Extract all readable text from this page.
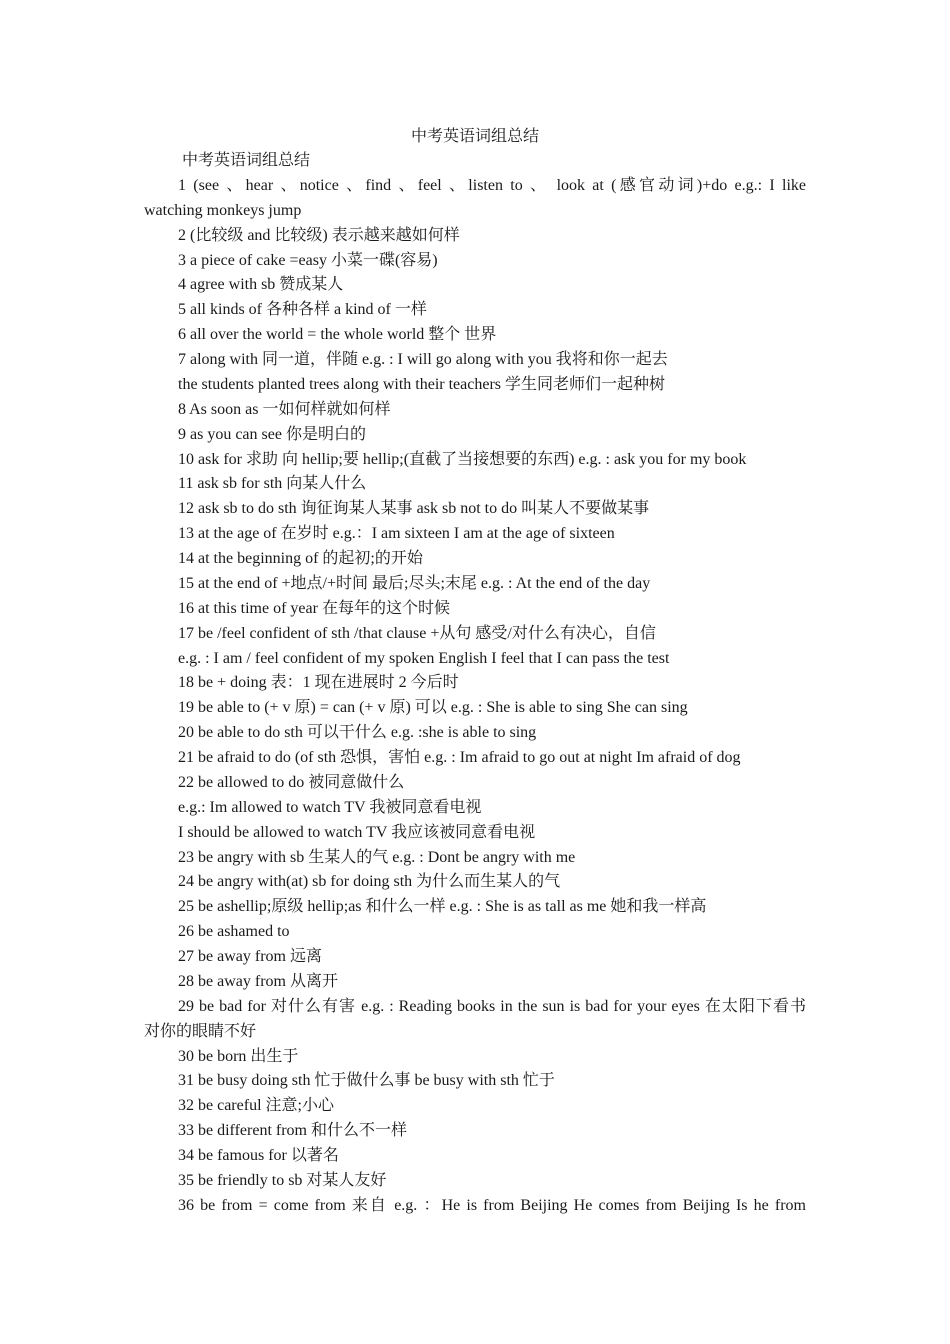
中考英语词组总结
中考英语词组总结
1 (see 、hear 、notice 、find 、feel 、listen to 、 look at (感官动词)+do e.g.: I like
watching monkeys jump
2 (比较级 and 比较级) 表示越来越如何样
3 a piece of cake =easy 小菜一碟(容易)
4 agree with sb 赞成某人
5 all kinds of 各种各样 a kind of 一样
6 all over the world = the whole world 整个 世界
7 along with 同一道，伴随 e.g. : I will go along with you 我将和你一起去
the students planted trees along with their teachers 学生同老师们一起种树
8 As soon as 一如何样就如何样
9 as you can see 你是明白的
10 ask for 求助 向 hellip;要 hellip;(直截了当接想要的东西) e.g. : ask you for my book
11 ask sb for sth 向某人什么
12 ask sb to do sth 询征询某人某事 ask sb not to do 叫某人不要做某事
13 at the age of 在岁时 e.g.：I am sixteen I am at the age of sixteen
14 at the beginning of 的起初;的开始
15 at the end of +地点/+时间 最后;尽头;末尾 e.g. : At the end of the day
16 at this time of year 在每年的这个时候
17 be /feel confident of sth /that clause +从句 感受/对什么有决心，自信
e.g. : I am / feel confident of my spoken English I feel that I can pass the test
18 be + doing 表：1 现在进展时 2 今后时
19 be able to (+ v 原) = can (+ v 原) 可以 e.g. : She is able to sing She can sing
20 be able to do sth 可以干什么 e.g. :she is able to sing
21 be afraid to do (of sth 恐惧，害怕 e.g. : Im afraid to go out at night Im afraid of dog
22 be allowed to do 被同意做什么
e.g.: Im allowed to watch TV 我被同意看电视
I should be allowed to watch TV 我应该被同意看电视
23 be angry with sb 生某人的气 e.g. : Dont be angry with me
24 be angry with(at) sb for doing sth 为什么而生某人的气
25 be ashellip;原级 hellip;as 和什么一样 e.g. : She is as tall as me 她和我一样高
26 be ashamed to
27 be away from 远离
28 be away from 从离开
29 be bad for 对什么有害 e.g. : Reading books in the sun is bad for your eyes 在太阳下看书
对你的眼睛不好
30 be born 出生于
31 be busy doing sth 忙于做什么事 be busy with sth 忙于
32 be careful 注意;小心
33 be different from 和什么不一样
34 be famous for 以著名
35 be friendly to sb 对某人友好
36 be from = come from 来自 e.g. ：He is from Beijing He comes from Beijing Is he from
